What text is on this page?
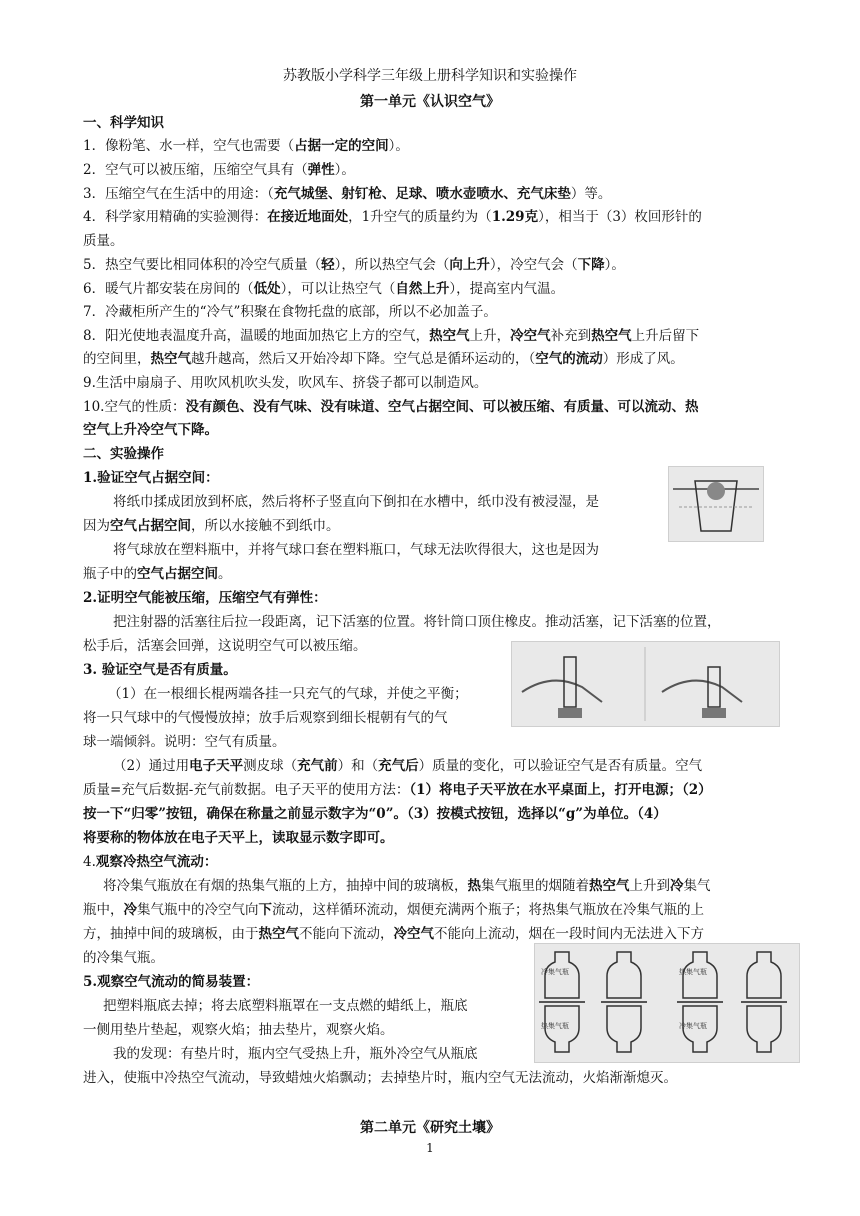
苏教版小学科学三年级上册科学知识和实验操作
第一单元《认识空气》
一、科学知识
1．像粉笔、水一样，空气也需要（占据一定的空间）。
2．空气可以被压缩，压缩空气具有（弹性）。
3．压缩空气在生活中的用途：（充气城堡、射钉枪、足球、喷水壶喷水、充气床垫）等。
4．科学家用精确的实验测得：在接近地面处，1升空气的质量约为（1.29克），相当于（3）枚回形针的
质量。
5．热空气要比相同体积的冷空气质量（轻），所以热空气会（向上升），冷空气会（下降）。
6．暖气片都安装在房间的（低处），可以让热空气（自然上升），提高室内气温。
7．冷藏柜所产生的“冷气”积聚在食物托盘的底部，所以不必加盖子。
8．阳光使地表温度升高，温暖的地面加热它上方的空气，热空气上升，冷空气补充到热空气上升后留下
的空间里，热空气越升越高，然后又开始冷却下降。空气总是循环运动的，（空气的流动）形成了风。
9.生活中扇扇子、用吹风机吹头发，吹风车、挤袋子都可以制造风。
10.空气的性质：没有颜色、没有气味、没有味道、空气占据空间、可以被压缩、有质量、可以流动、热
空气上升冷空气下降。
二、实验操作
1.验证空气占据空间：
将纸巾揉成团放到杯底，然后将杯子竖直向下倒扣在水槽中，纸巾没有被浸湿，是
因为空气占据空间，所以水接触不到纸巾。
将气球放在塑料瓶中，并将气球口套在塑料瓶口，气球无法吹得很大，这也是因为
瓶子中的空气占据空间。
2.证明空气能被压缩，压缩空气有弹性：
把注射器的活塞往后拉一段距离，记下活塞的位置。将针筒口顶住橡皮。推动活塞，记下活塞的位置，
松手后，活塞会回弹，这说明空气可以被压缩。
3. 验证空气是否有质量。
（1）在一根细长棍两端各挂一只充气的气球，并使之平衡；
将一只气球中的气慢慢放掉；放手后观察到细长棍朝有气的气
球一端倾斜。说明：空气有质量。
（2）通过用电子天平测皮球（充气前）和（充气后）质量的变化，可以验证空气是否有质量。空气
质量=充气后数据-充气前数据。电子天平的使用方法：（1）将电子天平放在水平桌面上，打开电源；（2）
按一下“归零”按钮，确保在称量之前显示数字为“0”。（3）按模式按钮，选择以“g”为单位。（4）
将要称的物体放在电子天平上，读取显示数字即可。
4.观察冷热空气流动：
将冷集气瓶放在有烟的热集气瓶的上方，抽掉中间的玻璃板，热集气瓶里的烟随着热空气上升到冷集气
瓶中，冷集气瓶中的冷空气向下流动，这样循环流动，烟便充满两个瓶子；将热集气瓶放在冷集气瓶的上
方，抽掉中间的玻璃板，由于热空气不能向下流动，冷空气不能向上流动，烟在一段时间内无法进入下方
的冷集气瓶。
5.观察空气流动的简易装置：
把塑料瓶底去掉；将去底塑料瓶罩在一支点燃的蜡纸上，瓶底
一侧用垫片垫起，观察火焰；抽去垫片，观察火焰。
我的发现：有垫片时，瓶内空气受热上升，瓶外冷空气从瓶底
进入，使瓶中冷热空气流动，导致蜡烛火焰飘动；去掉垫片时，瓶内空气无法流动，火焰渐渐熄灭。
冷集气瓶
热集气瓶
热集气瓶
冷集气瓶
第二单元《研究土壤》
1
